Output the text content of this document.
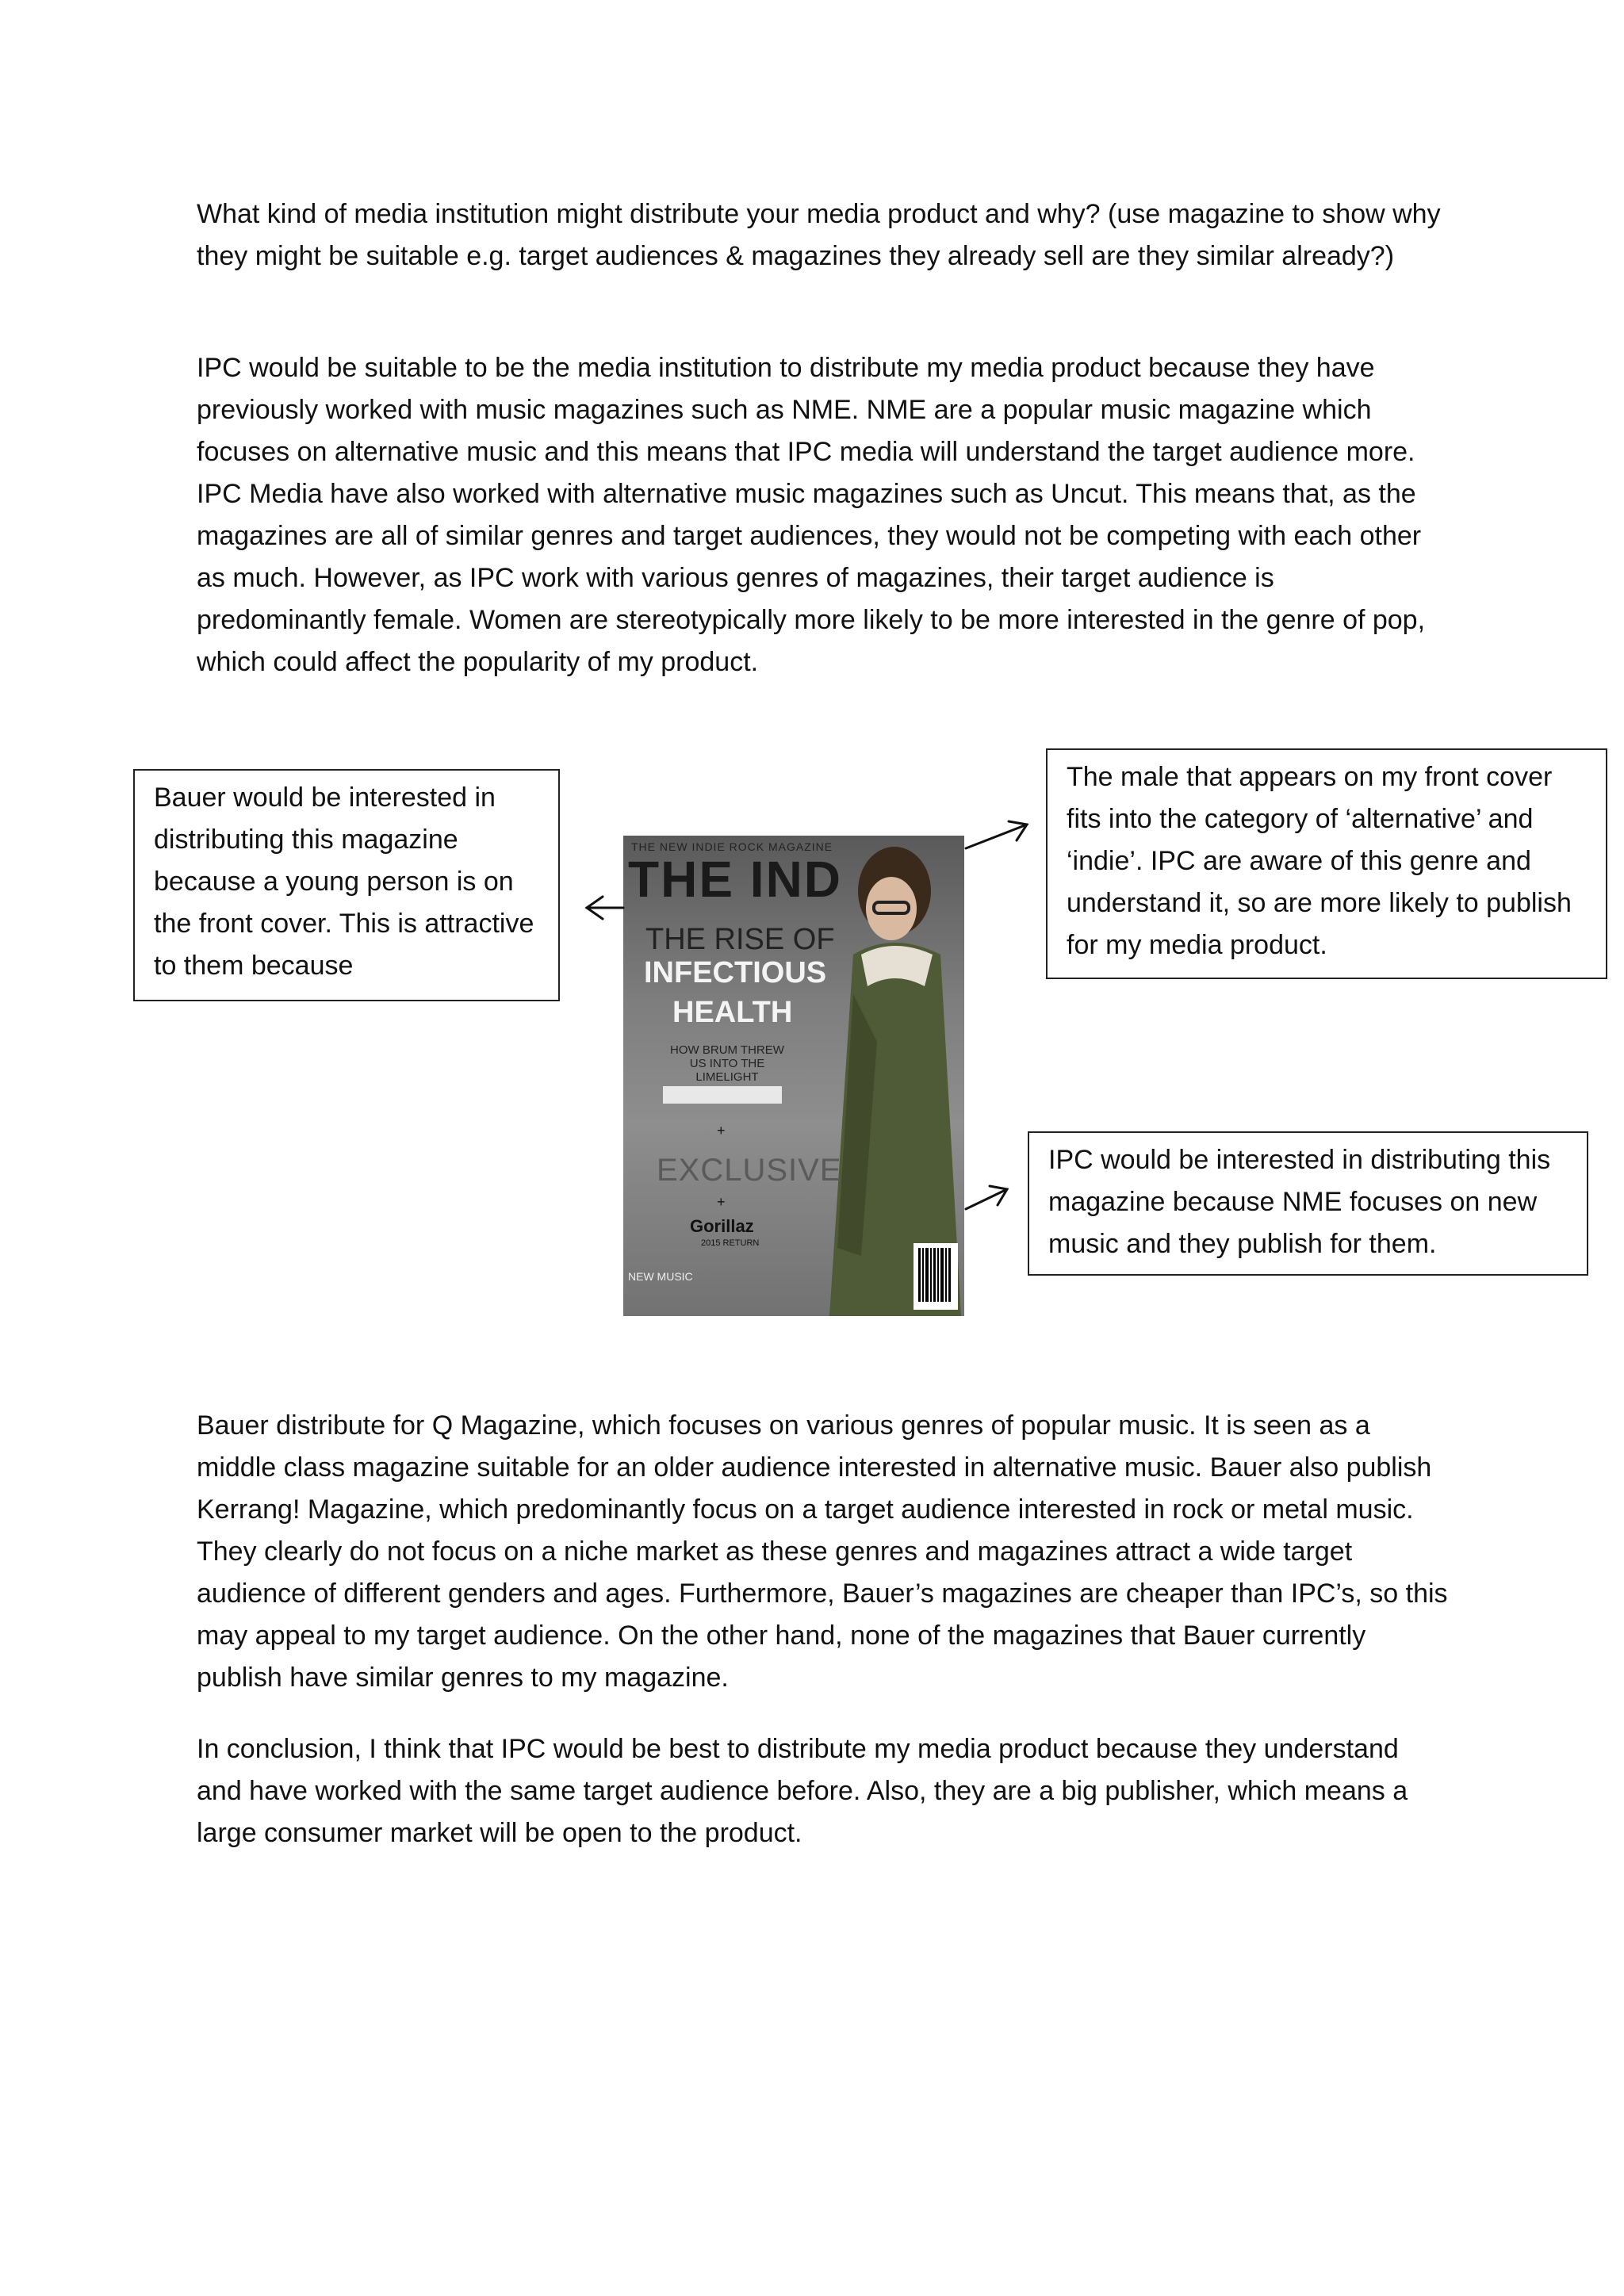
What kind of media institution might distribute your media product and why? (use magazine to show why they might be suitable e.g. target audiences & magazines they already sell are they similar already?)

IPC would be suitable to be the media institution to distribute my media product because they have previously worked with music magazines such as NME. NME are a popular music magazine which focuses on alternative music and this means that IPC media will understand the target audience more. IPC Media have also worked with alternative music magazines such as Uncut. This means that, as the magazines are all of similar genres and target audiences, they would not be competing with each other as much. However, as IPC work with various genres of magazines, their target audience is predominantly female. Women are stereotypically more likely to be more interested in the genre of pop, which could affect the popularity of my product.

Bauer would be interested in distributing this magazine because a young person is on the front cover. This is attractive to them because
The male that appears on my front cover fits into the category of ‘alternative’ and ‘indie’. IPC are aware of this genre and understand it, so are more likely to publish for my media product.
IPC would be interested in distributing this magazine because NME focuses on new music and they publish for them.

THE NEW INDIE ROCK MAGAZINE

THE IND

THE RISE OF

INFECTIOUS

HEALTH

HOW BRUM THREW US INTO THE LIMELIGHT

+

EXCLUSIVE

+

Gorillaz

2015 RETURN

NEW MUSIC

Bauer distribute for Q Magazine, which focuses on various genres of popular music. It is seen as a middle class magazine suitable for an older audience interested in alternative music. Bauer also publish Kerrang! Magazine, which predominantly focus on a target audience interested in rock or metal music. They clearly do not focus on a niche market as these genres and magazines attract a wide target audience of different genders and ages. Furthermore, Bauer’s magazines are cheaper than IPC’s, so this may appeal to my target audience. On the other hand, none of the magazines that Bauer currently publish have similar genres to my magazine.

In conclusion, I think that IPC would be best to distribute my media product because they understand and have worked with the same target audience before. Also, they are a big publisher, which means a large consumer market will be open to the product.
